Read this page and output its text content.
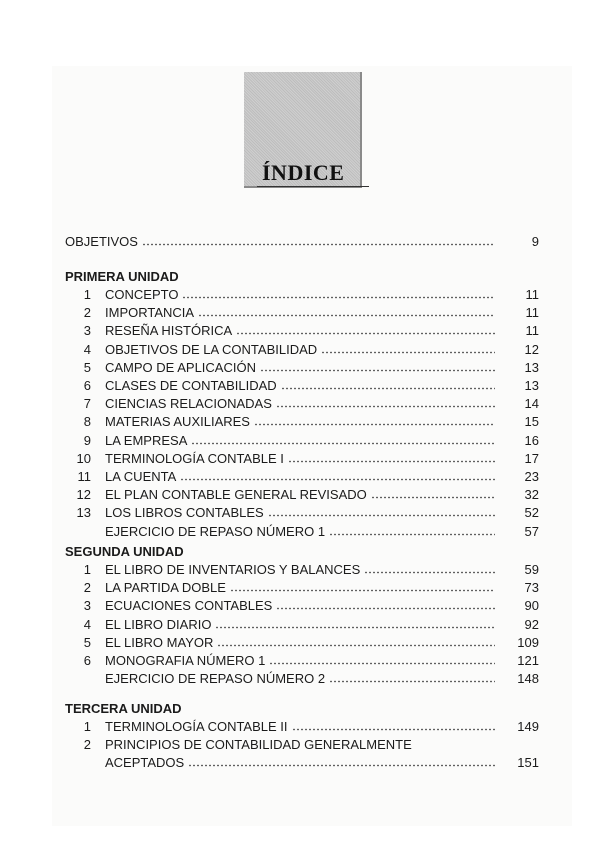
ÍNDICE
OBJETIVOS	9
PRIMERA UNIDAD
1 CONCEPTO	11
2 IMPORTANCIA	11
3 RESEÑA HISTÓRICA	11
4 OBJETIVOS DE LA CONTABILIDAD	12
5 CAMPO DE APLICACIÓN	13
6 CLASES DE CONTABILIDAD	13
7 CIENCIAS RELACIONADAS	14
8 MATERIAS AUXILIARES	15
9 LA EMPRESA	16
10 TERMINOLOGÍA CONTABLE I	17
11 LA CUENTA	23
12 EL PLAN CONTABLE GENERAL REVISADO	32
13 LOS LIBROS CONTABLES	52
EJERCICIO DE REPASO NÚMERO 1	57
SEGUNDA UNIDAD
1 EL LIBRO DE INVENTARIOS Y BALANCES	59
2 LA PARTIDA DOBLE	73
3 ECUACIONES CONTABLES	90
4 EL LIBRO DIARIO	92
5 EL LIBRO MAYOR	109
6 MONOGRAFIA NÚMERO 1	121
EJERCICIO DE REPASO NÚMERO 2	148
TERCERA UNIDAD
1 TERMINOLOGÍA CONTABLE II	149
2 PRINCIPIOS DE CONTABILIDAD GENERALMENTE
ACEPTADOS	151
